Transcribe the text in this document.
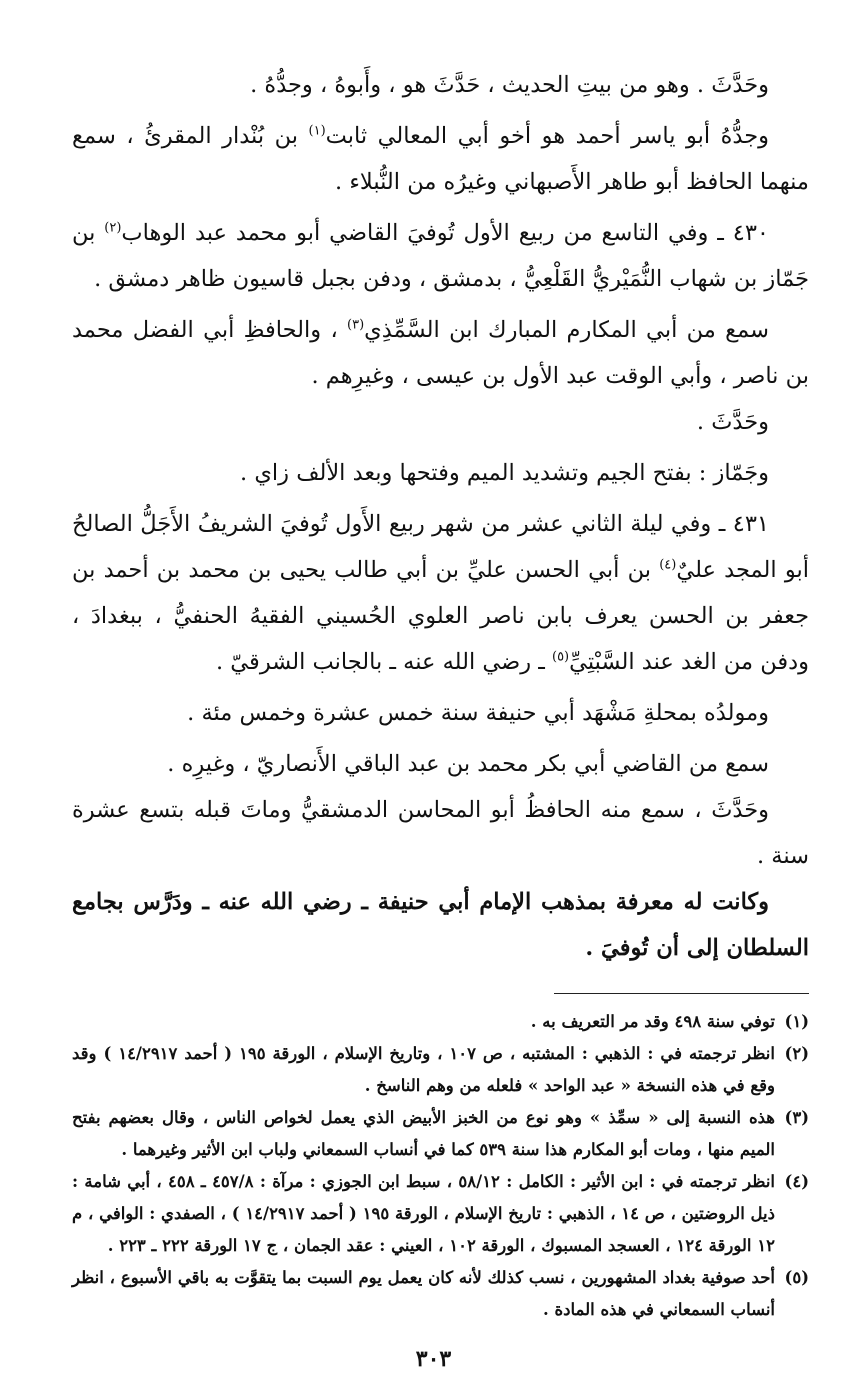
وحَدَّثَ . وهو من بيتِ الحديث ، حَدَّثَ هو ، وأَبوهُ ، وجدُّهُ .

وجدُّهُ أبو ياسر أحمد هو أخو أبي المعالي ثابت$^{(١)}$ بن بُنْدار المقرئُ ، سمع منهما الحافظ أبو طاهر الأَصبهاني وغيرُه من النُّبلاء .

٤٣٠ ـ وفي التاسع من ربيع الأول تُوفيَ القاضي أبو محمد عبد الوهاب$^{(٢)}$ بن جَمّاز بن شهاب النُّمَيْريُّ القَلْعِيُّ ، بدمشق ، ودفن بجبل قاسيون ظاهر دمشق .

سمع من أبي المكارم المبارك ابن السَّمِّذِي$^{(٣)}$ ، والحافظِ أبي الفضل محمد بن ناصر ، وأبي الوقت عبد الأول بن عيسى ، وغيرِهم .

وحَدَّثَ .

وجَمّاز : بفتح الجيم وتشديد الميم وفتحها وبعد الألف زاي .

٤٣١ ـ وفي ليلة الثاني عشر من شهر ربيع الأَول تُوفيَ الشريفُ الأَجَلُّ الصالحُ أبو المجد عليٌ$^{(٤)}$ بن أبي الحسن عليِّ بن أبي طالب يحيى بن محمد بن أحمد بن جعفر بن الحسن يعرف بابن ناصر العلوي الحُسيني الفقيهُ الحنفيُّ ، ببغدادَ ، ودفن من الغد عند السَّبْتِيِّ$^{(٥)}$ ـ رضي الله عنه ـ بالجانب الشرقيّ .

ومولدُه بمحلةِ مَشْهَد أبي حنيفة سنة خمس عشرة وخمس مئة .

سمع من القاضي أبي بكر محمد بن عبد الباقي الأَنصاريّ ، وغيرِه .

وحَدَّثَ ، سمع منه الحافظُ أبو المحاسن الدمشقيُّ وماتَ قبله بتسع عشرة سنة .

وكانت له معرفة بمذهب الإمام أبي حنيفة ـ رضي الله عنه ـ ودَرَّس بجامع السلطان إلى أن تُوفيَ .

(١)
توفي سنة ٤٩٨ وقد مر التعريف به .
(٢)
انظر ترجمته في : الذهبي : المشتبه ، ص ١٠٧ ، وتاريخ الإسلام ، الورقة ١٩٥ ( أحمد ١٤/٢٩١٧ ) وقد وقع في هذه النسخة « عبد الواحد » فلعله من وهم الناسخ .
(٣)
هذه النسبة إلى « سمِّذ » وهو نوع من الخبز الأبيض الذي يعمل لخواص الناس ، وقال بعضهم بفتح الميم منها ، ومات أبو المكارم هذا سنة ٥٣٩ كما في أنساب السمعاني ولباب ابن الأثير وغيرهما .
(٤)
انظر ترجمته في : ابن الأثير : الكامل : ٥٨/١٢ ، سبط ابن الجوزي : مرآة : ٤٥٧/٨ ـ ٤٥٨ ، أبي شامة : ذيل الروضتين ، ص ١٤ ، الذهبي : تاريخ الإسلام ، الورقة ١٩٥ ( أحمد ١٤/٢٩١٧ ) ، الصفدي : الوافي ، م ١٢ الورقة ١٢٤ ، العسجد المسبوك ، الورقة ١٠٢ ، العيني : عقد الجمان ، ج ١٧ الورقة ٢٢٢ ـ ٢٢٣ .
(٥)
أحد صوفية بغداد المشهورين ، نسب كذلك لأنه كان يعمل يوم السبت بما يتقوَّت به باقي الأسبوع ، انظر أنساب السمعاني في هذه المادة .
٣٠٣
